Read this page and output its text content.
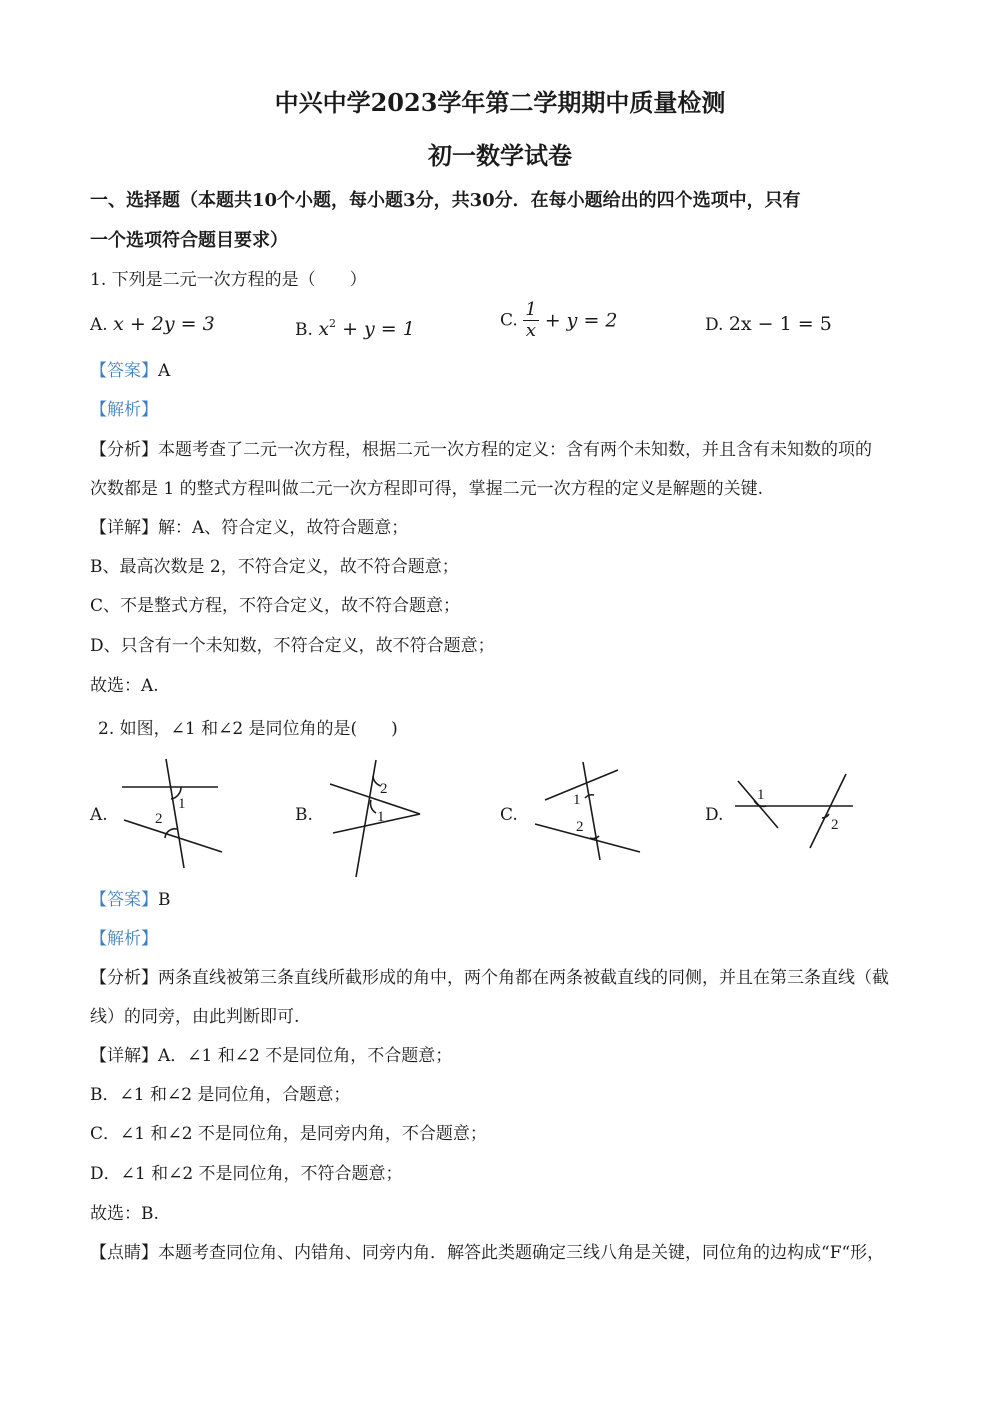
中兴中学2023学年第二学期期中质量检测
初一数学试卷
一、选择题（本题共10个小题，每小题3分，共30分．在每小题给出的四个选项中，只有
一个选项符合题目要求）
1. 下列是二元一次方程的是（　　）
A. x + 2y = 3	B. $x^2 + y = 1$	C. $\frac{1}{x} + y = 2$	D. 2x − 1 = 5
【答案】A
【解析】
【分析】本题考查了二元一次方程，根据二元一次方程的定义：含有两个未知数，并且含有未知数的项的
次数都是 1 的整式方程叫做二元一次方程即可得，掌握二元一次方程的定义是解题的关键.
【详解】解：A、符合定义，故符合题意；
B、最高次数是 2，不符合定义，故不符合题意；
C、不是整式方程，不符合定义，故不符合题意；
D、只含有一个未知数，不符合定义，故不符合题意；
故选：A.
2. 如图，∠1 和∠2 是同位角的是(　　)
1
2
2
1
1
2
1
2
A.	B.	C.	D.
【答案】B
【解析】
【分析】两条直线被第三条直线所截形成的角中，两个角都在两条被截直线的同侧，并且在第三条直线（截
线）的同旁，由此判断即可.
【详解】A．∠1 和∠2 不是同位角，不合题意；
B．∠1 和∠2 是同位角，合题意；
C．∠1 和∠2 不是同位角，是同旁内角，不合题意；
D．∠1 和∠2 不是同位角，不符合题意；
故选：B.
【点睛】本题考查同位角、内错角、同旁内角．解答此类题确定三线八角是关键，同位角的边构成“F“形，
